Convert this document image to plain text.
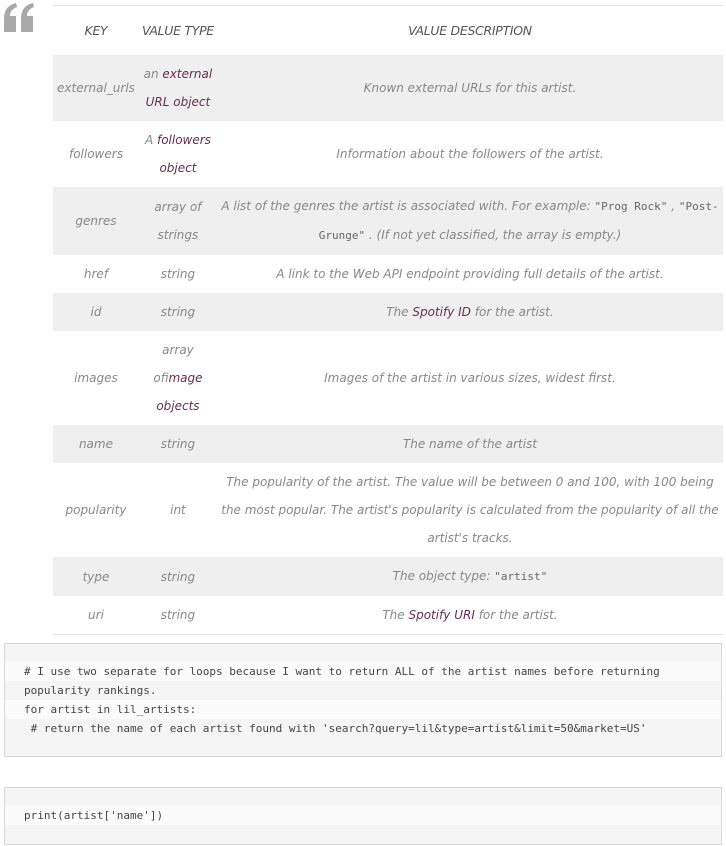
KEY	VALUE TYPE	VALUE DESCRIPTION
external_urls	an external URL object	Known external URLs for this artist.
followers	A followers object	Information about the followers of the artist.
genres	array of strings	A list of the genres the artist is associated with. For example: "Prog Rock" , "Post-Grunge" . (If not yet classified, the array is empty.)
href	string	A link to the Web API endpoint providing full details of the artist.
id	string	The Spotify ID for the artist.
images	array ofimage objects	Images of the artist in various sizes, widest first.
name	string	The name of the artist
popularity	int	The popularity of the artist. The value will be between 0 and 100, with 100 being the most popular. The artist's popularity is calculated from the popularity of all the artist's tracks.
type	string	The object type: "artist"
uri	string	The Spotify URI for the artist.
# I use two separate for loops because I want to return ALL of the artist names before returning
popularity rankings.
for artist in lil_artists:
# return the name of each artist found with 'search?query=lil&type=artist&limit=50&market=US'
print(artist['name'])
